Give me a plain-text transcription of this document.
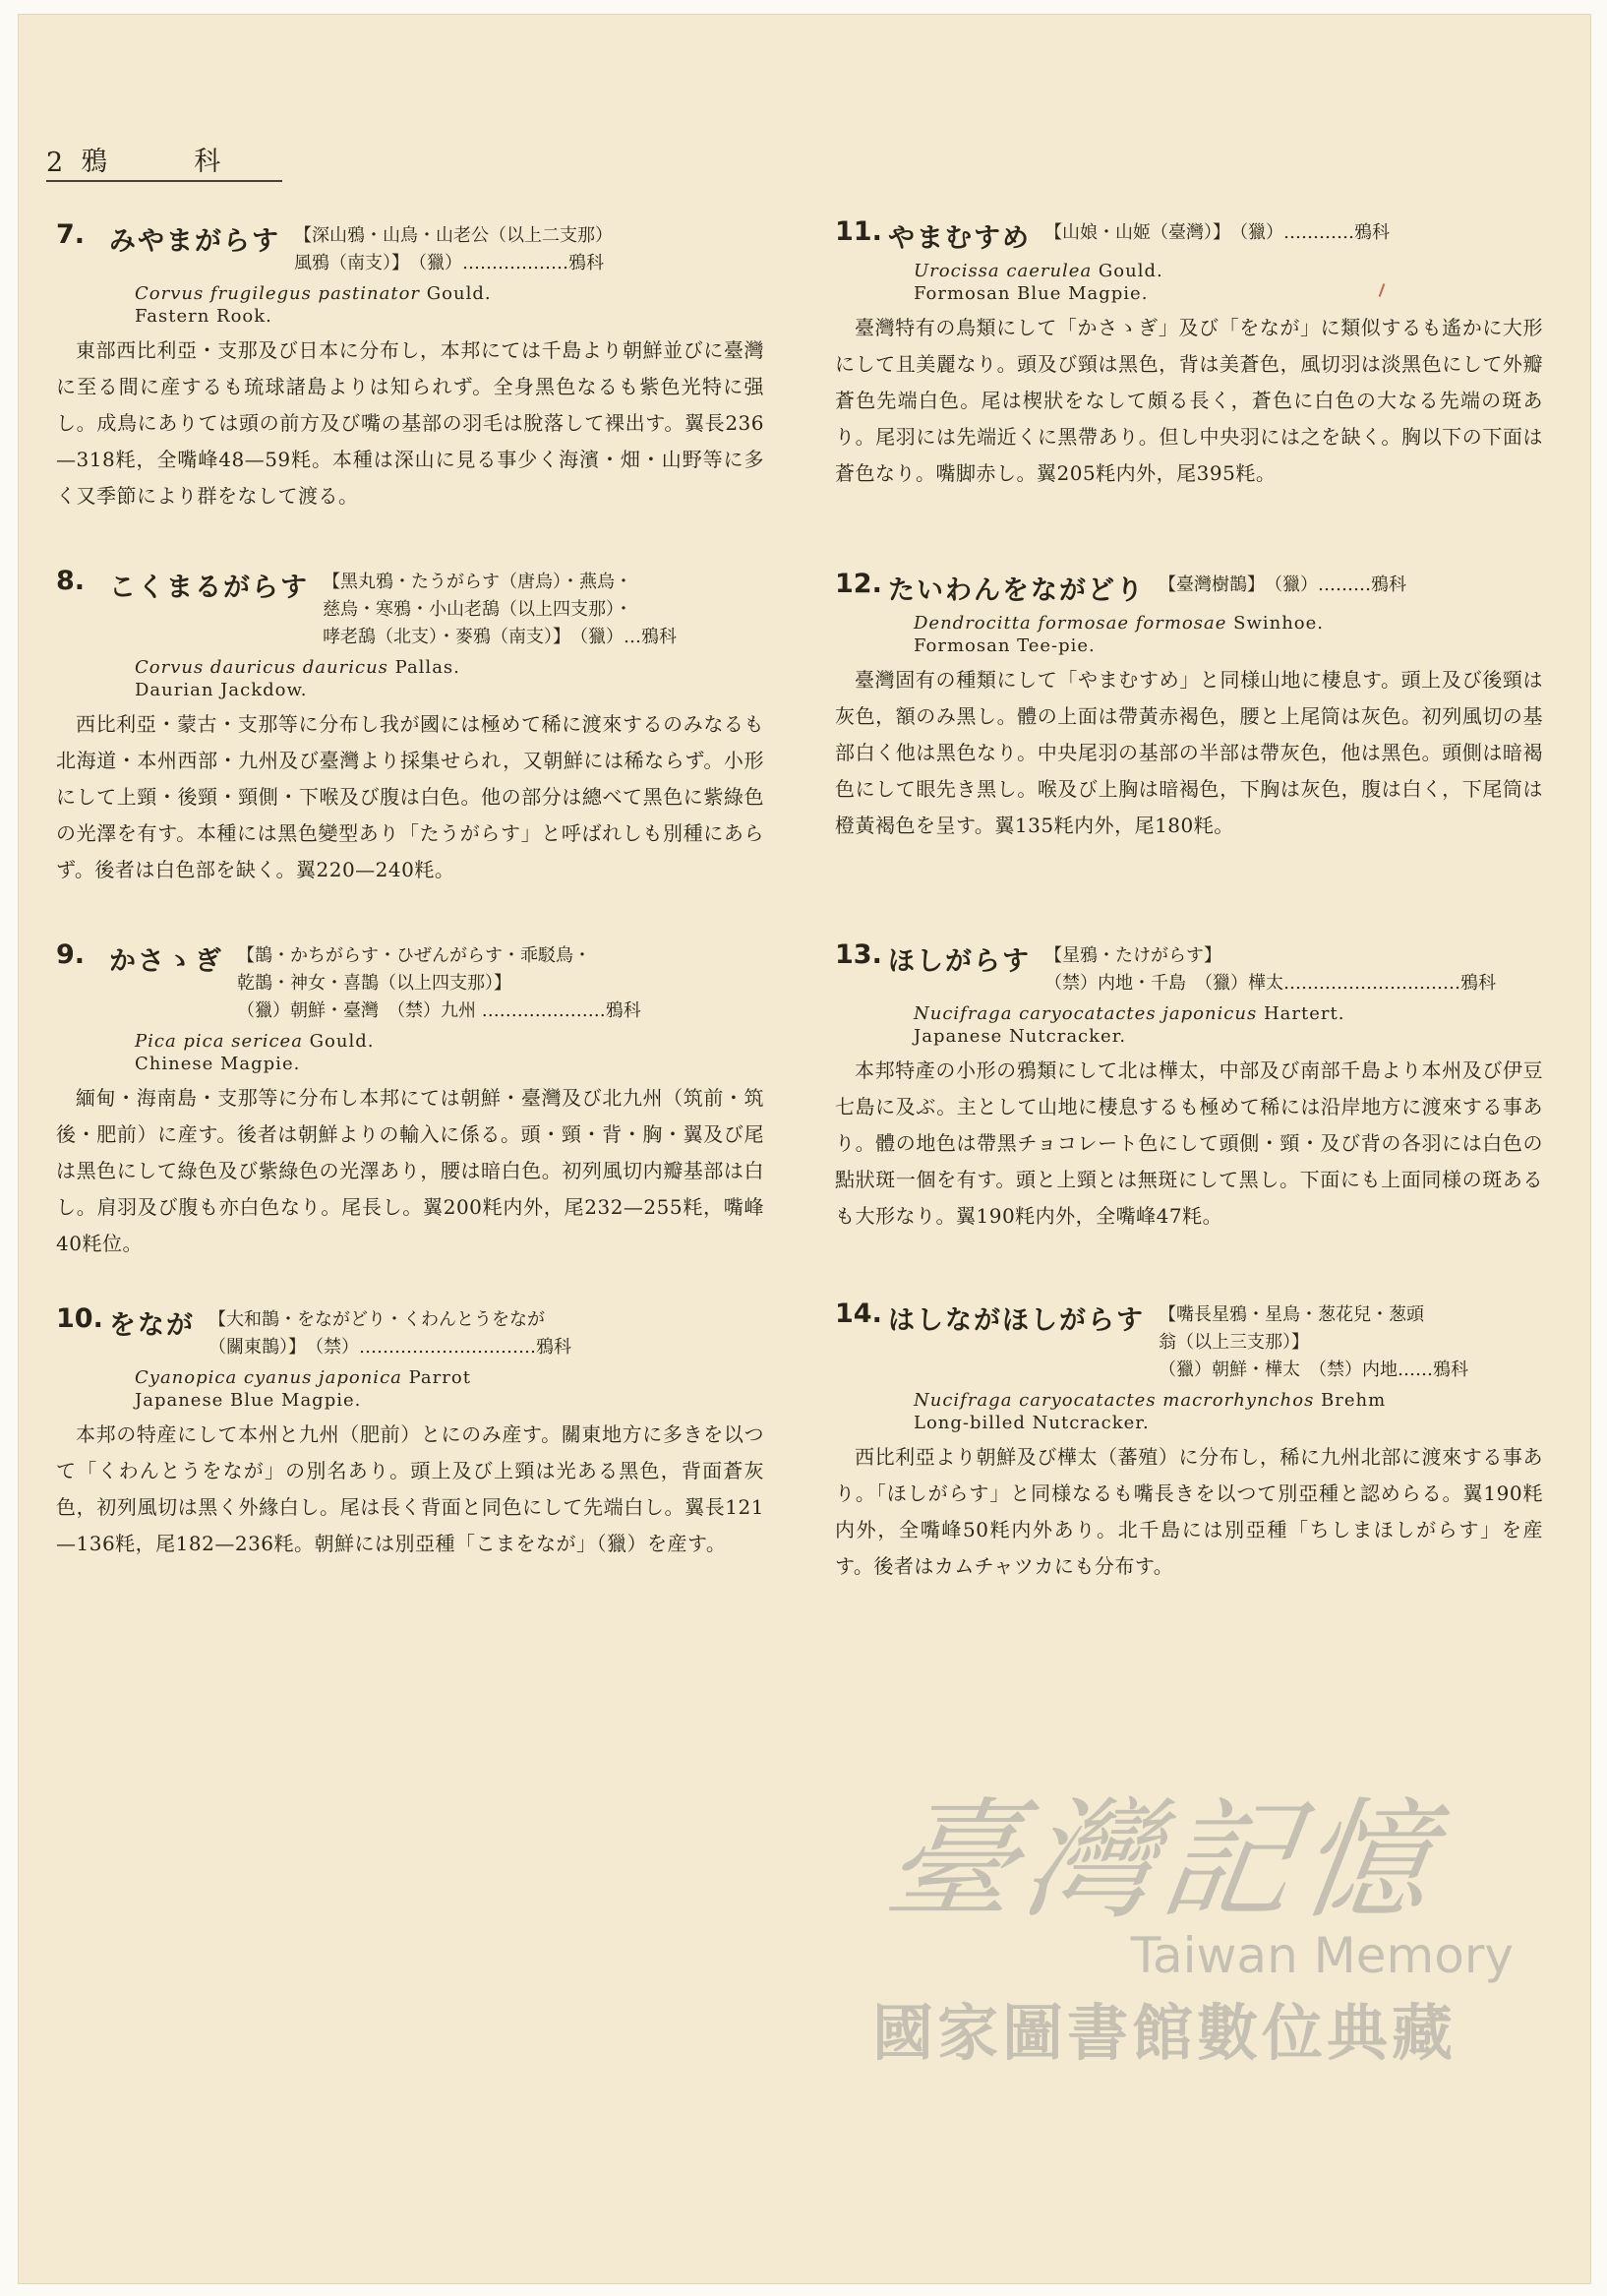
2 鴉	科
7. みやまがらす 【深山鴉・山鳥・山老公（以上二支那）
風鴉（南支）】　（獵）………………鴉科
Corvus frugilegus pastinator Gould.
Fastern Rook.
東部西比利亞・支那及び日本に分布し，本邦にては千島より朝鮮並びに臺灣に至る間に産するも琉球諸島よりは知られず。全身黑色なるも紫色光特に强し。成鳥にありては頭の前方及び嘴の基部の羽毛は脫落して裸出す。翼長236—318粍，全嘴峰48—59粍。本種は深山に見る事少く海濱・畑・山野等に多く又季節により群をなして渡る。
8. こくまるがらす 【黑丸鴉・たうがらす（唐烏）・燕烏・
慈烏・寒鴉・小山老鴰（以上四支那）・
哮老鴰（北支）・麥鴉（南支）】　（獵）…鴉科
Corvus dauricus dauricus Pallas.
Daurian Jackdow.
西比利亞・蒙古・支那等に分布し我が國には極めて稀に渡來するのみなるも北海道・本州西部・九州及び臺灣より採集せられ，又朝鮮には稀ならず。小形にして上頸・後頸・頸側・下喉及び腹は白色。他の部分は總べて黑色に紫綠色の光澤を有す。本種には黑色變型あり「たうがらす」と呼ばれしも別種にあらず。後者は白色部を缺く。翼220—240粍。
9. かさゝぎ 【鵲・かちがらす・ひぜんがらす・乖駁鳥・
乾鵲・神女・喜鵲（以上四支那）】
（獵）朝鮮・臺灣　（禁）九州 …………………鴉科
Pica pica sericea Gould.
Chinese Magpie.
緬甸・海南島・支那等に分布し本邦にては朝鮮・臺灣及び北九州（筑前・筑後・肥前）に産す。後者は朝鮮よりの輸入に係る。頭・頸・背・胸・翼及び尾は黑色にして綠色及び紫綠色の光澤あり，腰は暗白色。初列風切内瓣基部は白し。肩羽及び腹も亦白色なり。尾長し。翼200粍内外，尾232—255粍，嘴峰40粍位。
10. をなが 【大和鵲・をながどり・くわんとうをなが
（關東鵲）】　（禁）…………………………鴉科
Cyanopica cyanus japonica Parrot
Japanese Blue Magpie.
本邦の特産にして本州と九州（肥前）とにのみ産す。關東地方に多きを以つて「くわんとうをなが」の別名あり。頭上及び上頸は光ある黑色，背面蒼灰色，初列風切は黑く外緣白し。尾は長く背面と同色にして先端白し。翼長121—136粍，尾182—236粍。朝鮮には別亞種「こまをなが」（獵）を産す。
11. やまむすめ 【山娘・山姬（臺灣）】　（獵）…………鴉科
Urocissa caerulea Gould.
Formosan Blue Magpie.
臺灣特有の鳥類にして「かさゝぎ」及び「をなが」に類似するも遙かに大形にして且美麗なり。頭及び頸は黑色，背は美蒼色，風切羽は淡黑色にして外瓣蒼色先端白色。尾は楔狀をなして頗る長く，蒼色に白色の大なる先端の斑あり。尾羽には先端近くに黑帶あり。但し中央羽には之を缺く。胸以下の下面は蒼色なり。嘴脚赤し。翼205粍内外，尾395粍。
12. たいわんをながどり 【臺灣樹鵲】　（獵）………鴉科
Dendrocitta formosae formosae Swinhoe.
Formosan Tee-pie.
臺灣固有の種類にして「やまむすめ」と同様山地に棲息す。頭上及び後頸は灰色，額のみ黑し。體の上面は帶黃赤褐色，腰と上尾筒は灰色。初列風切の基部白く他は黑色なり。中央尾羽の基部の半部は帶灰色，他は黑色。頭側は暗褐色にして眼先き黑し。喉及び上胸は暗褐色，下胸は灰色，腹は白く，下尾筒は橙黃褐色を呈す。翼135粍内外，尾180粍。
13. ほしがらす 【星鴉・たけがらす】
（禁）内地・千島　（獵）樺太…………………………鴉科
Nucifraga caryocatactes japonicus Hartert.
Japanese Nutcracker.
本邦特產の小形の鴉類にして北は樺太，中部及び南部千島より本州及び伊豆七島に及ぶ。主として山地に棲息するも極めて稀には沿岸地方に渡來する事あり。體の地色は帶黑チョコレート色にして頭側・頸・及び背の各羽には白色の點狀斑一個を有す。頭と上頸とは無斑にして黑し。下面にも上面同様の斑あるも大形なり。翼190粍内外，全嘴峰47粍。
14. はしながほしがらす 【嘴長星鴉・星鳥・葱花兒・葱頭
翁（以上三支那）】
（獵）朝鮮・樺太　（禁）内地……鴉科
Nucifraga caryocatactes macrorhynchos Brehm
Long-billed Nutcracker.
西比利亞より朝鮮及び樺太（蕃殖）に分布し，稀に九州北部に渡來する事あり。「ほしがらす」と同様なるも嘴長きを以つて別亞種と認めらる。翼190粍内外，全嘴峰50粍内外あり。北千島には別亞種「ちしまほしがらす」を産す。後者はカムチャツカにも分布す。
臺灣記憶
Taiwan Memory
國家圖書館數位典藏
